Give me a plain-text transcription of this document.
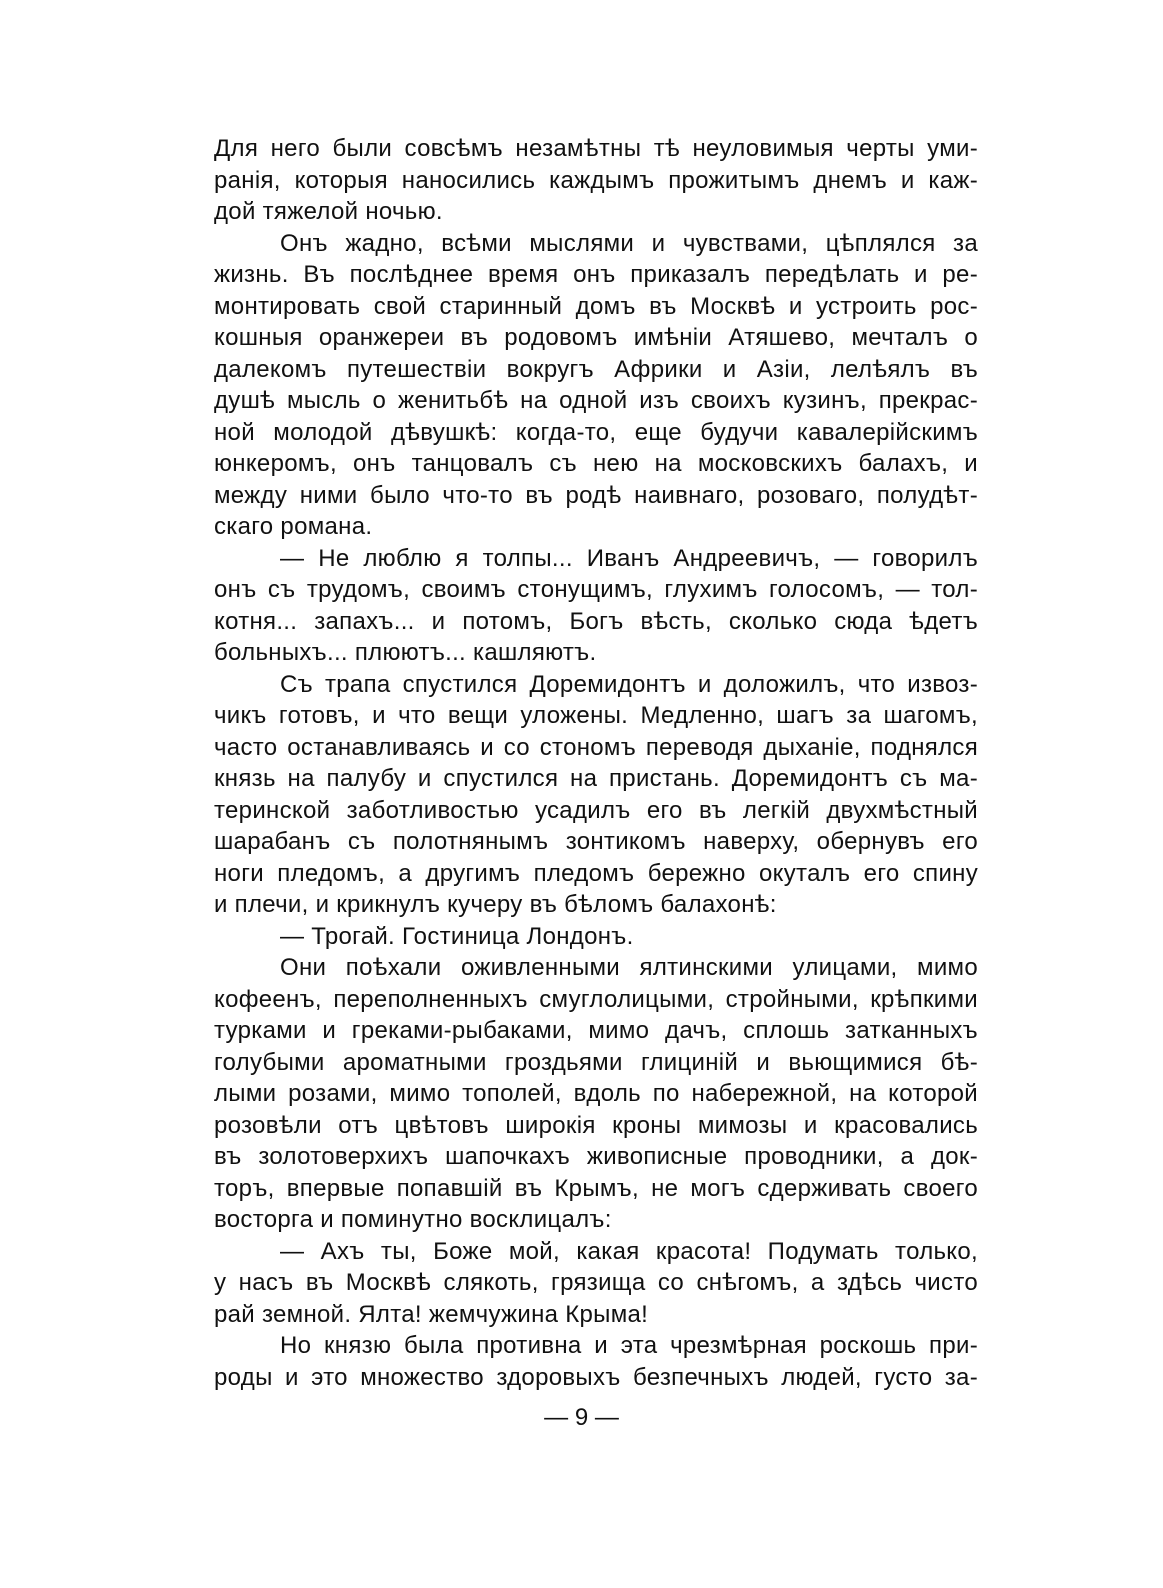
Для него были совсѣмъ незамѣтны тѣ неуловимыя черты уми-
ранія, которыя наносились каждымъ прожитымъ днемъ и каж-
дой тяжелой ночью.
Онъ жадно, всѣми мыслями и чувствами, цѣплялся за
жизнь. Въ послѣднее время онъ приказалъ передѣлать и ре-
монтировать свой старинный домъ въ Москвѣ и устроить рос-
кошныя оранжереи въ родовомъ имѣніи Атяшево, мечталъ о
далекомъ путешествіи вокругъ Африки и Азіи, лелѣялъ въ
душѣ мысль о женитьбѣ на одной изъ своихъ кузинъ, прекрас-
ной молодой дѣвушкѣ: когда-то, еще будучи кавалерійскимъ
юнкеромъ, онъ танцовалъ съ нею на московскихъ балахъ, и
между ними было что-то въ родѣ наивнаго, розоваго, полудѣт-
скаго романа.
— Не люблю я толпы... Иванъ Андреевичъ, — говорилъ
онъ съ трудомъ, своимъ стонущимъ, глухимъ голосомъ, — тол-
котня... запахъ... и потомъ, Богъ вѣсть, сколько сюда ѣдетъ
больныхъ... плюютъ... кашляютъ.
Съ трапа спустился Доремидонтъ и доложилъ, что извоз-
чикъ готовъ, и что вещи уложены. Медленно, шагъ за шагомъ,
часто останавливаясь и со стономъ переводя дыханіе, поднялся
князь на палубу и спустился на пристань. Доремидонтъ съ ма-
теринской заботливостью усадилъ его въ легкій двухмѣстный
шарабанъ съ полотнянымъ зонтикомъ наверху, обернувъ его
ноги пледомъ, а другимъ пледомъ бережно окуталъ его спину
и плечи, и крикнулъ кучеру въ бѣломъ балахонѣ:
— Трогай. Гостиница Лондонъ.
Они поѣхали оживленными ялтинскими улицами, мимо
кофеенъ, переполненныхъ смуглолицыми, стройными, крѣпкими
турками и греками-рыбаками, мимо дачъ, сплошь затканныхъ
голубыми ароматными гроздьями глициній и вьющимися бѣ-
лыми розами, мимо тополей, вдоль по набережной, на которой
розовѣли отъ цвѣтовъ широкія кроны мимозы и красовались
въ золотоверхихъ шапочкахъ живописные проводники, а док-
торъ, впервые попавшій въ Крымъ, не могъ сдерживать своего
восторга и поминутно восклицалъ:
— Ахъ ты, Боже мой, какая красота! Подумать только,
у насъ въ Москвѣ слякоть, грязища со снѣгомъ, а здѣсь чисто
рай земной. Ялта! жемчужина Крыма!
Но князю была противна и эта чрезмѣрная роскошь при-
роды и это множество здоровыхъ безпечныхъ людей, густо за-
— 9 —
